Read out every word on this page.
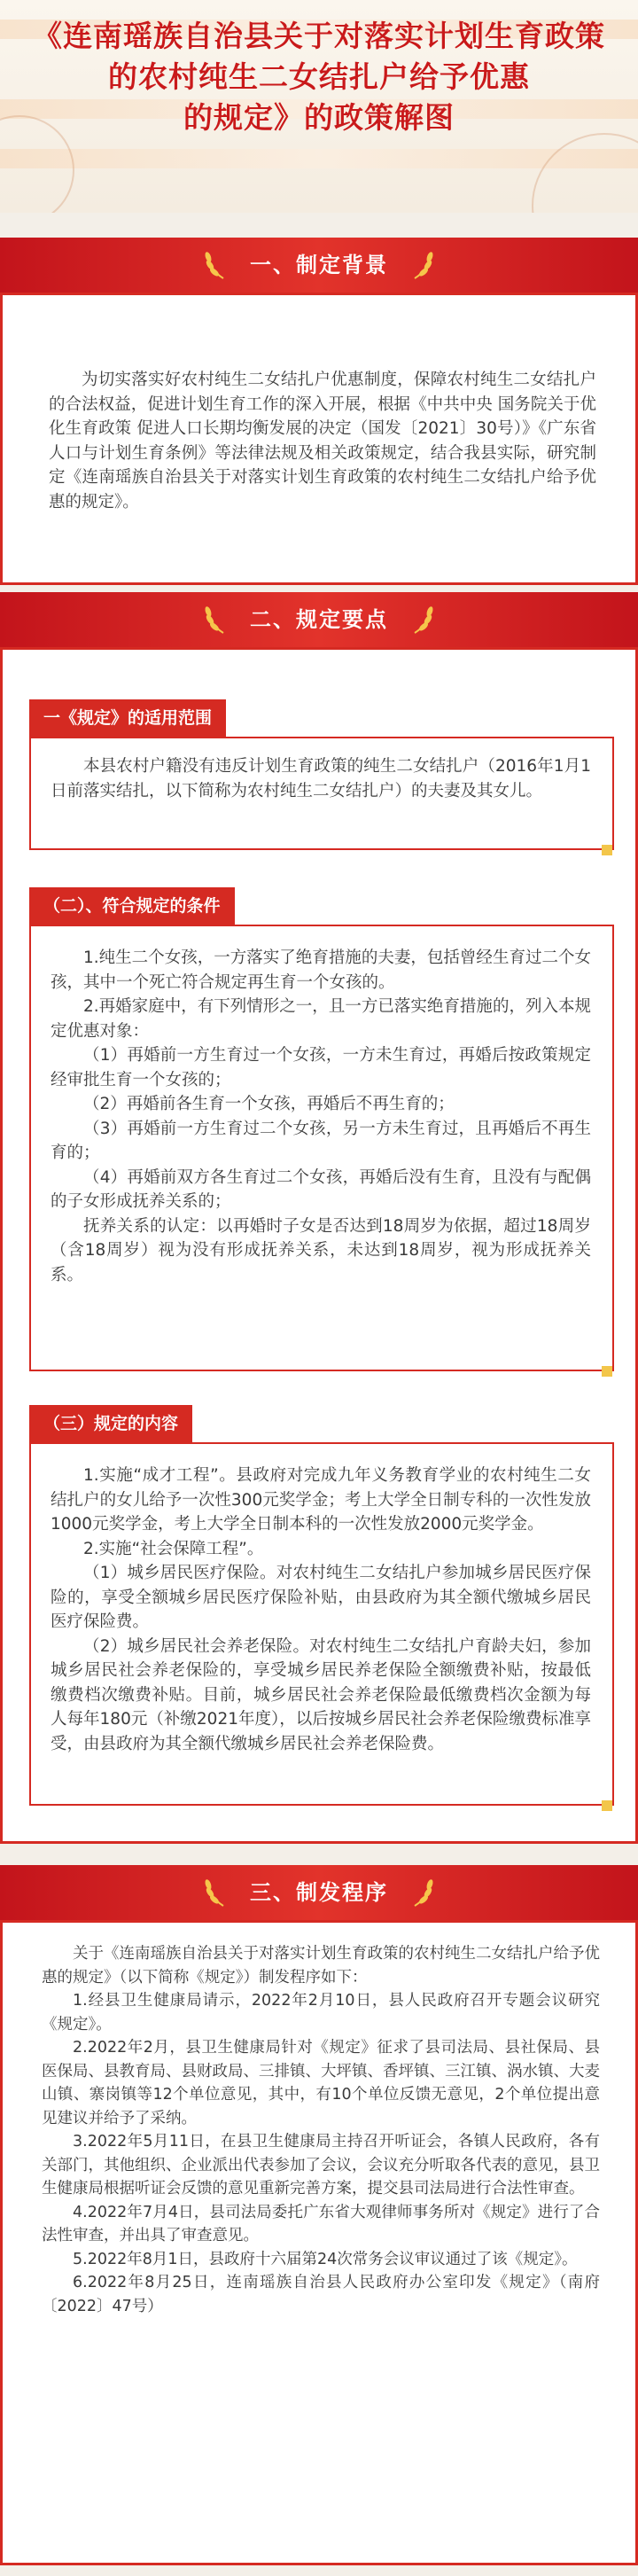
《连南瑶族自治县关于对落实计划生育政策
的农村纯生二女结扎户给予优惠
的规定》的政策解图
一、制定背景
为切实落实好农村纯生二女结扎户优惠制度，保障农村纯生二女结扎户的合法权益，促进计划生育工作的深入开展，根据《中共中央 国务院关于优化生育政策 促进人口长期均衡发展的决定（国发〔2021〕30号）》《广东省人口与计划生育条例》等法律法规及相关政策规定，结合我县实际，研究制定《连南瑶族自治县关于对落实计划生育政策的农村纯生二女结扎户给予优惠的规定》。
二、规定要点
一《规定》的适用范围
本县农村户籍没有违反计划生育政策的纯生二女结扎户（2016年1月1日前落实结扎，以下简称为农村纯生二女结扎户）的夫妻及其女儿。
（二）、符合规定的条件
1.纯生二个女孩，一方落实了绝育措施的夫妻，包括曾经生育过二个女孩，其中一个死亡符合规定再生育一个女孩的。
2.再婚家庭中，有下列情形之一，且一方已落实绝育措施的，列入本规定优惠对象：
（1）再婚前一方生育过一个女孩，一方未生育过，再婚后按政策规定经审批生育一个女孩的；
（2）再婚前各生育一个女孩，再婚后不再生育的；
（3）再婚前一方生育过二个女孩，另一方未生育过，且再婚后不再生育的；
（4）再婚前双方各生育过二个女孩，再婚后没有生育，且没有与配偶的子女形成抚养关系的；
抚养关系的认定：以再婚时子女是否达到18周岁为依据，超过18周岁（含18周岁）视为没有形成抚养关系，未达到18周岁，视为形成抚养关系。
（三）规定的内容
1.实施“成才工程”。县政府对完成九年义务教育学业的农村纯生二女结扎户的女儿给予一次性300元奖学金；考上大学全日制专科的一次性发放1000元奖学金，考上大学全日制本科的一次性发放2000元奖学金。
2.实施“社会保障工程”。
（1）城乡居民医疗保险。对农村纯生二女结扎户参加城乡居民医疗保险的，享受全额城乡居民医疗保险补贴，由县政府为其全额代缴城乡居民医疗保险费。
（2）城乡居民社会养老保险。对农村纯生二女结扎户育龄夫妇，参加城乡居民社会养老保险的，享受城乡居民养老保险全额缴费补贴，按最低缴费档次缴费补贴。目前，城乡居民社会养老保险最低缴费档次金额为每人每年180元（补缴2021年度），以后按城乡居民社会养老保险缴费标准享受，由县政府为其全额代缴城乡居民社会养老保险费。
三、制发程序
关于《连南瑶族自治县关于对落实计划生育政策的农村纯生二女结扎户给予优惠的规定》（以下简称《规定》）制发程序如下：
1.经县卫生健康局请示，2022年2月10日，县人民政府召开专题会议研究《规定》。
2.2022年2月，县卫生健康局针对《规定》征求了县司法局、县社保局、县医保局、县教育局、县财政局、三排镇、大坪镇、香坪镇、三江镇、涡水镇、大麦山镇、寨岗镇等12个单位意见，其中，有10个单位反馈无意见，2个单位提出意见建议并给予了采纳。
3.2022年5月11日，在县卫生健康局主持召开听证会，各镇人民政府，各有关部门，其他组织、企业派出代表参加了会议，会议充分听取各代表的意见，县卫生健康局根据听证会反馈的意见重新完善方案，提交县司法局进行合法性审查。
4.2022年7月4日，县司法局委托广东省大观律师事务所对《规定》进行了合法性审查，并出具了审查意见。
5.2022年8月1日，县政府十六届第24次常务会议审议通过了该《规定》。
6.2022年8月25日，连南瑶族自治县人民政府办公室印发《规定》（南府〔2022〕47号）
